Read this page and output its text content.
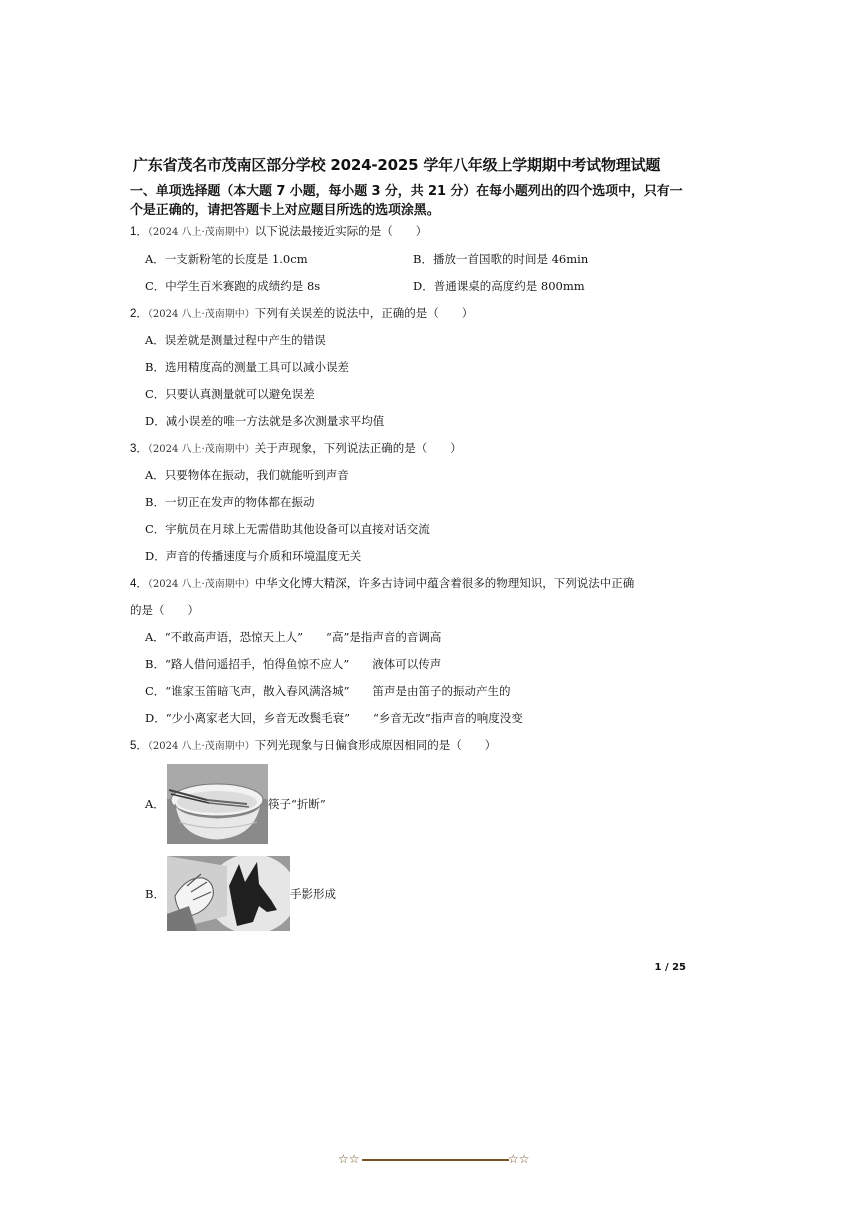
广东省茂名市茂南区部分学校 2024-2025 学年八年级上学期期中考试物理试题
一、单项选择题（本大题 7 小题，每小题 3 分，共 21 分）在每小题列出的四个选项中，只有一个是正确的，请把答题卡上对应题目所选的选项涂黑。
1．（2024 八上·茂南期中）以下说法最接近实际的是（　　）
A．一支新粉笔的长度是 1.0cm	B．播放一首国歌的时间是 46min
C．中学生百米赛跑的成绩约是 8s	D．普通课桌的高度约是 800mm
2．（2024 八上·茂南期中）下列有关误差的说法中，正确的是（　　）
A．误差就是测量过程中产生的错误
B．选用精度高的测量工具可以减小误差
C．只要认真测量就可以避免误差
D．减小误差的唯一方法就是多次测量求平均值
3．（2024 八上·茂南期中）关于声现象，下列说法正确的是（　　）
A．只要物体在振动，我们就能听到声音
B．一切正在发声的物体都在振动
C．宇航员在月球上无需借助其他设备可以直接对话交流
D．声音的传播速度与介质和环境温度无关
4．（2024 八上·茂南期中）中华文化博大精深，许多古诗词中蕴含着很多的物理知识，下列说法中正确
的是（　　）
A．“不敢高声语，恐惊天上人”　　“高”是指声音的音调高
B．“路人借问遥招手，怕得鱼惊不应人”　　液体可以传声
C．“谁家玉笛暗飞声，散入春风满洛城”　　笛声是由笛子的振动产生的
D．“少小离家老大回，乡音无改鬓毛衰”　　“乡音无改”指声音的响度没变
5．（2024 八上·茂南期中）下列光现象与日偏食形成原因相同的是（　　）
A．	筷子“折断”
B．	手影形成
1 / 25
☆☆	☆☆
